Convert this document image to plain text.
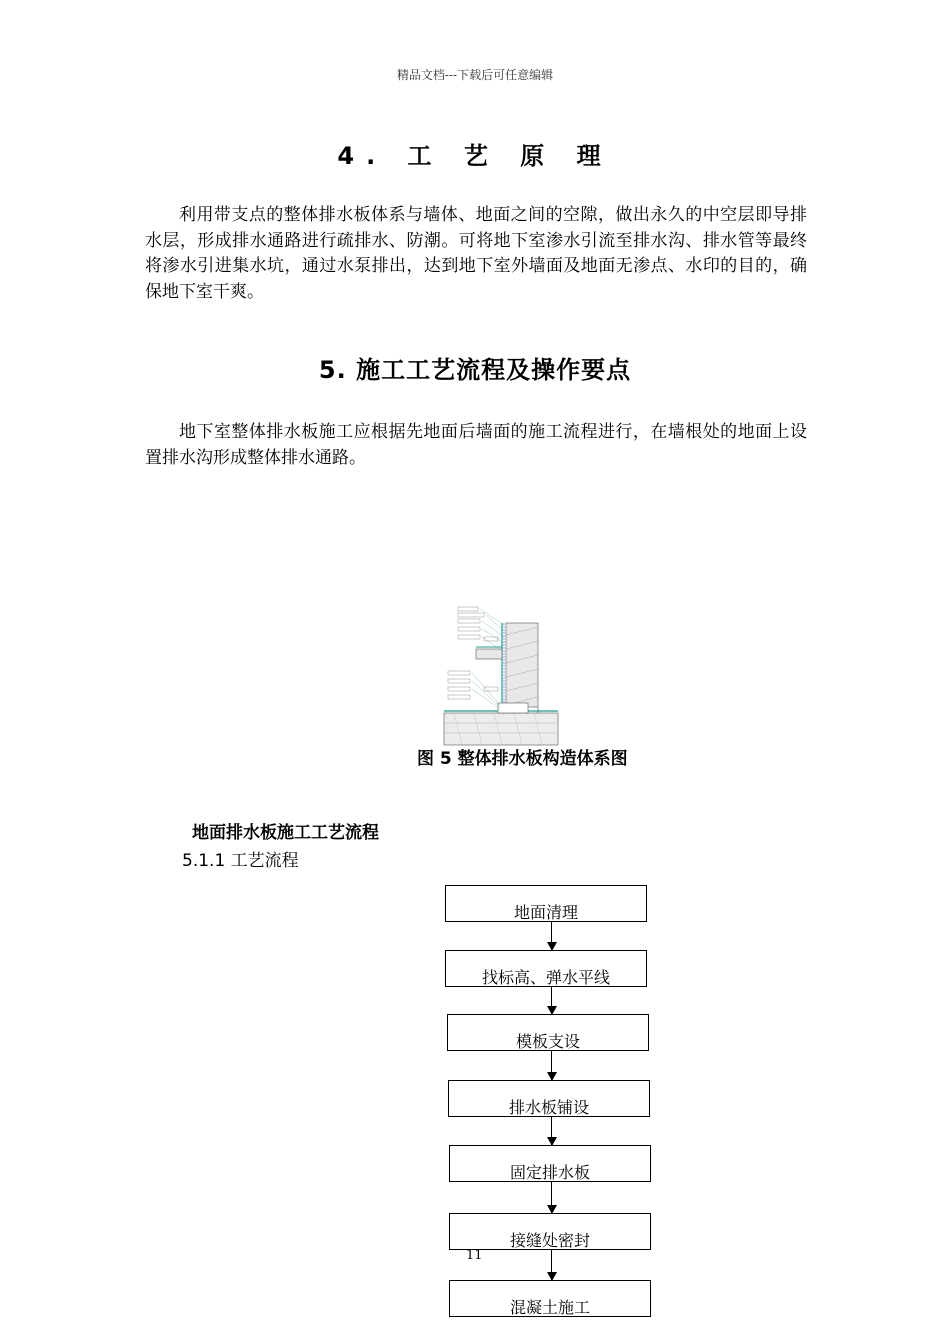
精品文档---下载后可任意编辑
4. 工 艺 原 理
利用带支点的整体排水板体系与墙体、地面之间的空隙，做出永久的中空层即导排水层，形成排水通路进行疏排水、防潮。可将地下室渗水引流至排水沟、排水管等最终将渗水引进集水坑，通过水泵排出，达到地下室外墙面及地面无渗点、水印的目的，确保地下室干爽。
5. 施工工艺流程及操作要点
地下室整体排水板施工应根据先地面后墙面的施工流程进行，在墙根处的地面上设置排水沟形成整体排水通路。
图 5 整体排水板构造体系图
地面排水板施工工艺流程
5.1.1 工艺流程
地面清理
找标高、弹水平线
模板支设
排水板铺设
固定排水板
接缝处密封
混凝土施工
11
